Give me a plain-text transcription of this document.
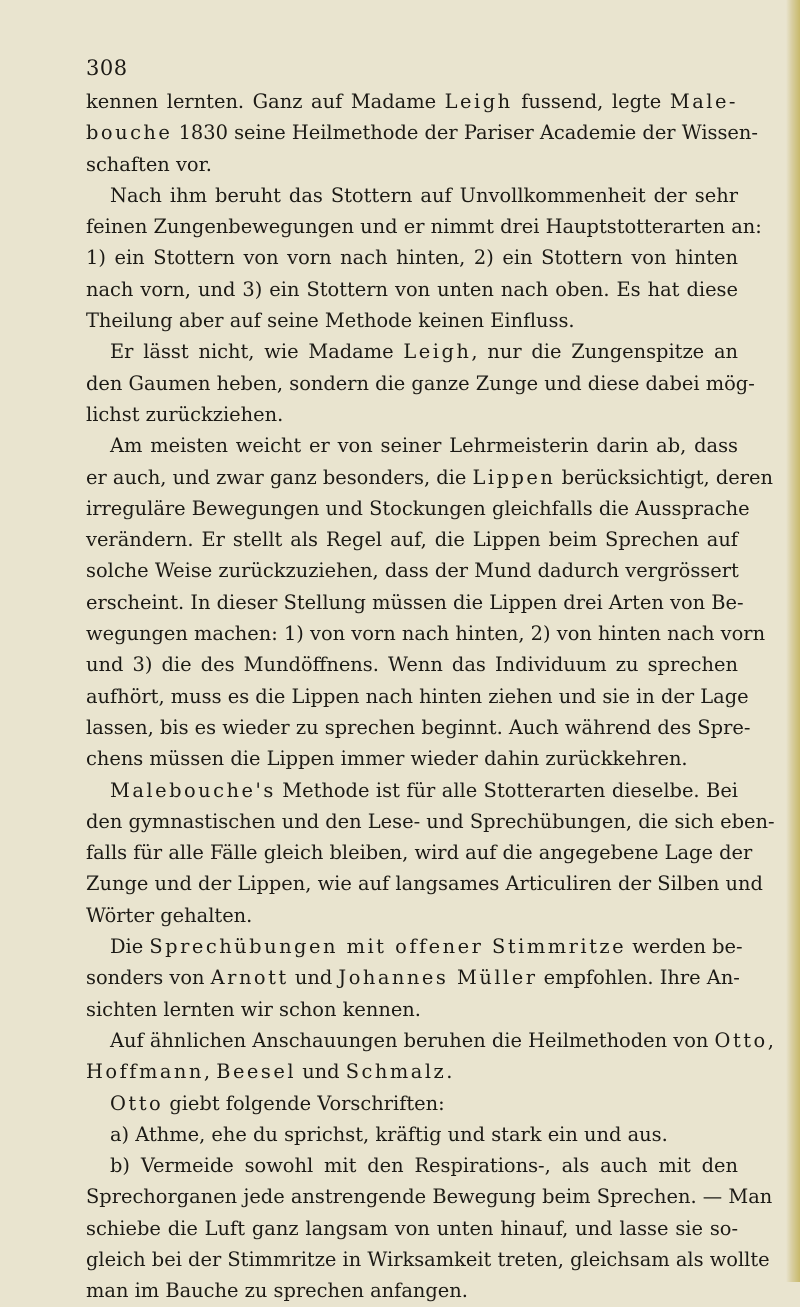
308
kennen lernten. Ganz auf Madame Leigh fussend, legte Male-
bouche 1830 seine Heilmethode der Pariser Academie der Wissen-
schaften vor.
Nach ihm beruht das Stottern auf Unvollkommenheit der sehr
feinen Zungenbewegungen und er nimmt drei Hauptstotterarten an:
1) ein Stottern von vorn nach hinten, 2) ein Stottern von hinten
nach vorn, und 3) ein Stottern von unten nach oben. Es hat diese
Theilung aber auf seine Methode keinen Einfluss.
Er lässt nicht, wie Madame Leigh, nur die Zungenspitze an
den Gaumen heben, sondern die ganze Zunge und diese dabei mög-
lichst zurückziehen.
Am meisten weicht er von seiner Lehrmeisterin darin ab, dass
er auch, und zwar ganz besonders, die Lippen berücksichtigt, deren
irreguläre Bewegungen und Stockungen gleichfalls die Aussprache
verändern. Er stellt als Regel auf, die Lippen beim Sprechen auf
solche Weise zurückzuziehen, dass der Mund dadurch vergrössert
erscheint. In dieser Stellung müssen die Lippen drei Arten von Be-
wegungen machen: 1) von vorn nach hinten, 2) von hinten nach vorn
und 3) die des Mundöffnens. Wenn das Individuum zu sprechen
aufhört, muss es die Lippen nach hinten ziehen und sie in der Lage
lassen, bis es wieder zu sprechen beginnt. Auch während des Spre-
chens müssen die Lippen immer wieder dahin zurückkehren.
Malebouche's Methode ist für alle Stotterarten dieselbe. Bei
den gymnastischen und den Lese- und Sprechübungen, die sich eben-
falls für alle Fälle gleich bleiben, wird auf die angegebene Lage der
Zunge und der Lippen, wie auf langsames Articuliren der Silben und
Wörter gehalten.
Die Sprechübungen mit offener Stimmritze werden be-
sonders von Arnott und Johannes Müller empfohlen. Ihre An-
sichten lernten wir schon kennen.
Auf ähnlichen Anschauungen beruhen die Heilmethoden von Otto,
Hoffmann, Beesel und Schmalz.
Otto giebt folgende Vorschriften:
a) Athme, ehe du sprichst, kräftig und stark ein und aus.
b) Vermeide sowohl mit den Respirations-, als auch mit den
Sprechorganen jede anstrengende Bewegung beim Sprechen. — Man
schiebe die Luft ganz langsam von unten hinauf, und lasse sie so-
gleich bei der Stimmritze in Wirksamkeit treten, gleichsam als wollte
man im Bauche zu sprechen anfangen.
